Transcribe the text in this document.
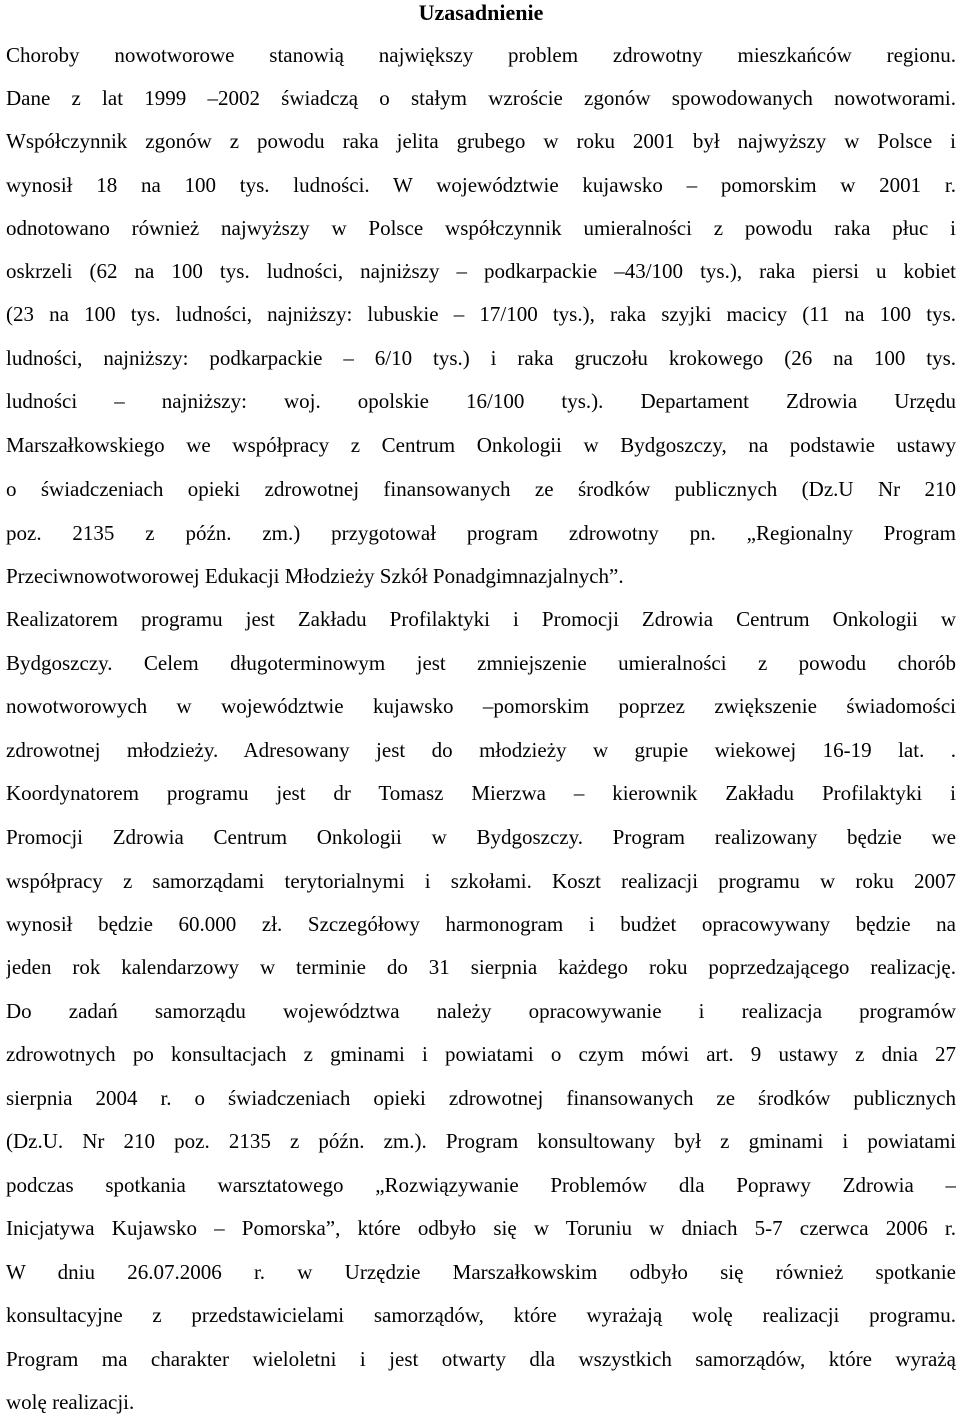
Uzasadnienie
Choroby nowotworowe stanowią największy problem zdrowotny mieszkańców regionu.
Dane z lat 1999 –2002 świadczą o stałym wzroście zgonów spowodowanych nowotworami.
Współczynnik zgonów z powodu raka jelita grubego w roku 2001 był najwyższy w Polsce i
wynosił 18 na 100 tys. ludności. W województwie kujawsko – pomorskim w 2001 r.
odnotowano również najwyższy w Polsce współczynnik umieralności z powodu raka płuc i
oskrzeli (62 na 100 tys. ludności, najniższy – podkarpackie –43/100 tys.), raka piersi u kobiet
(23 na 100 tys. ludności, najniższy: lubuskie – 17/100 tys.), raka szyjki macicy (11 na 100 tys.
ludności, najniższy: podkarpackie – 6/10 tys.) i raka gruczołu krokowego (26 na 100 tys.
ludności – najniższy: woj. opolskie 16/100 tys.). Departament Zdrowia Urzędu
Marszałkowskiego we współpracy z Centrum Onkologii w Bydgoszczy, na podstawie ustawy
o świadczeniach opieki zdrowotnej finansowanych ze środków publicznych (Dz.U Nr 210
poz. 2135 z późn. zm.) przygotował program zdrowotny pn. „Regionalny Program
Przeciwnowotworowej Edukacji Młodzieży Szkół Ponadgimnazjalnych”.
Realizatorem programu jest Zakładu Profilaktyki i Promocji Zdrowia Centrum Onkologii w
Bydgoszczy. Celem długoterminowym jest zmniejszenie umieralności z powodu chorób
nowotworowych w województwie kujawsko –pomorskim poprzez zwiększenie świadomości
zdrowotnej młodzieży. Adresowany jest do młodzieży w grupie wiekowej 16-19 lat. .
Koordynatorem programu jest dr Tomasz Mierzwa – kierownik Zakładu Profilaktyki i
Promocji Zdrowia Centrum Onkologii w Bydgoszczy. Program realizowany będzie we
współpracy z samorządami terytorialnymi i szkołami. Koszt realizacji programu w roku 2007
wynosił będzie 60.000 zł. Szczegółowy harmonogram i budżet opracowywany będzie na
jeden rok kalendarzowy w terminie do 31 sierpnia każdego roku poprzedzającego realizację.
Do zadań samorządu województwa należy opracowywanie i realizacja programów
zdrowotnych po konsultacjach z gminami i powiatami o czym mówi art. 9 ustawy z dnia 27
sierpnia 2004 r. o świadczeniach opieki zdrowotnej finansowanych ze środków publicznych
(Dz.U. Nr 210 poz. 2135 z późn. zm.). Program konsultowany był z gminami i powiatami
podczas spotkania warsztatowego „Rozwiązywanie Problemów dla Poprawy Zdrowia –
Inicjatywa Kujawsko – Pomorska”, które odbyło się w Toruniu w dniach 5-7 czerwca 2006 r.
W dniu 26.07.2006 r. w Urzędzie Marszałkowskim odbyło się również spotkanie
konsultacyjne z przedstawicielami samorządów, które wyrażają wolę realizacji programu.
Program ma charakter wieloletni i jest otwarty dla wszystkich samorządów, które wyrażą
wolę realizacji.
